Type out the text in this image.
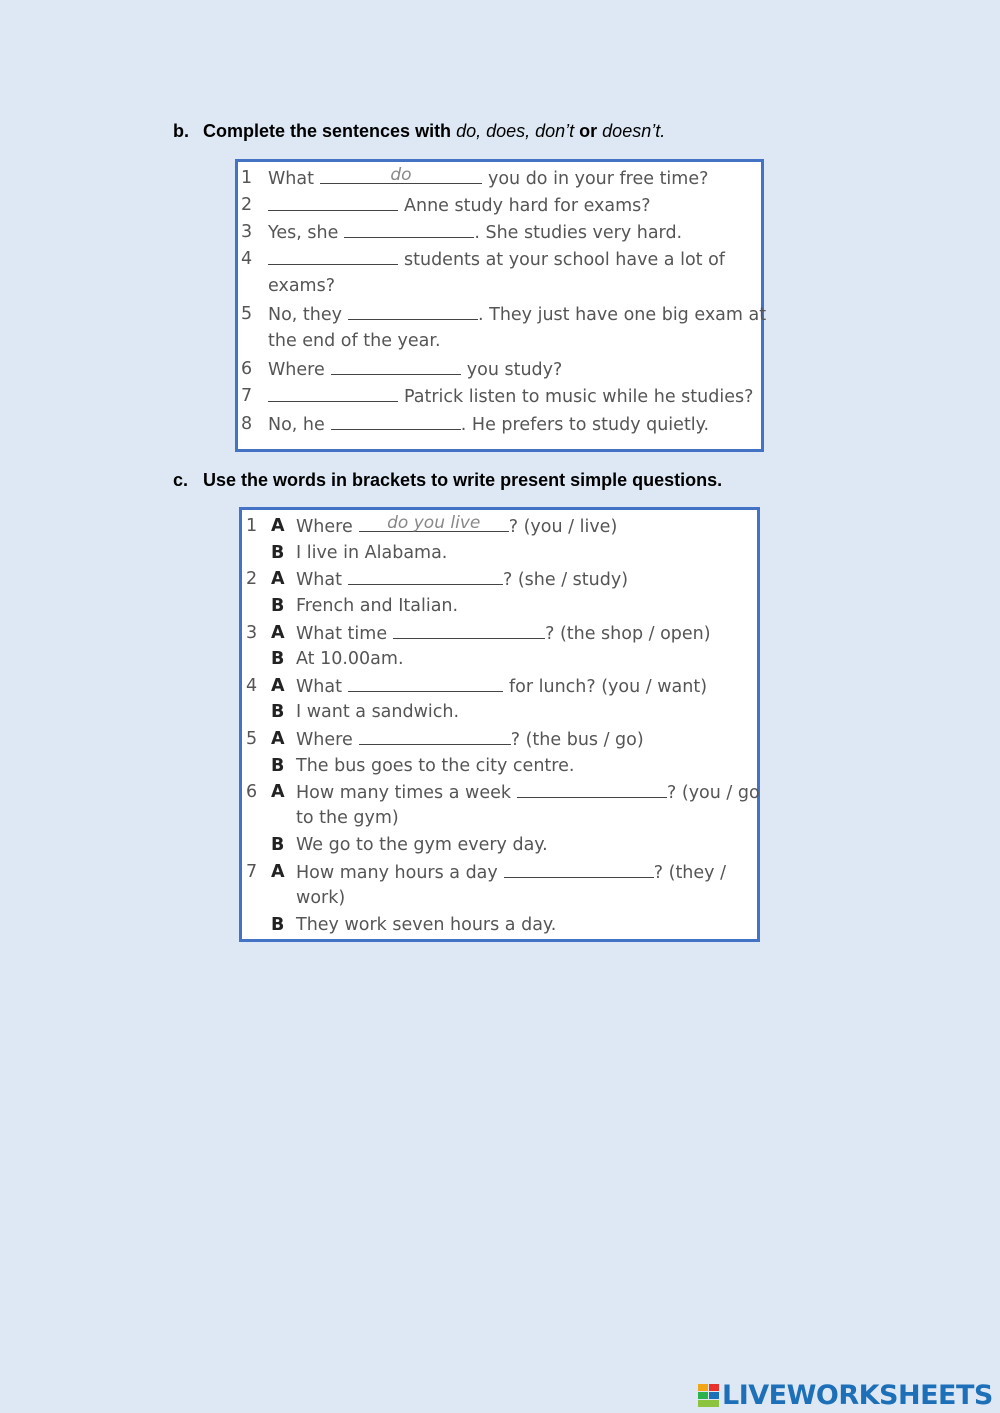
b. Complete the sentences with do, does, don’t or doesn’t.
1 What	do	you do in your free time?
2	Anne study hard for exams?
3 Yes, she	. She studies very hard.
4	students at your school have a lot of
exams?
5 No, they	. They just have one big exam at
the end of the year.
6 Where	you study?
7	Patrick listen to music while he studies?
8 No, he	. He prefers to study quietly.
c. Use the words in brackets to write present simple questions.
1 A Where	do you live	? (you / live)
B I live in Alabama.
2 A What	? (she / study)
B French and Italian.
3 A What time	? (the shop / open)
B At 10.00am.
4 A What	for lunch? (you / want)
B I want a sandwich.
5 A Where	? (the bus / go)
B The bus goes to the city centre.
6 A How many times a week	? (you / go
to the gym)
B We go to the gym every day.
7 A How many hours a day	? (they /
work)
B They work seven hours a day.
LIVEWORKSHEETS
